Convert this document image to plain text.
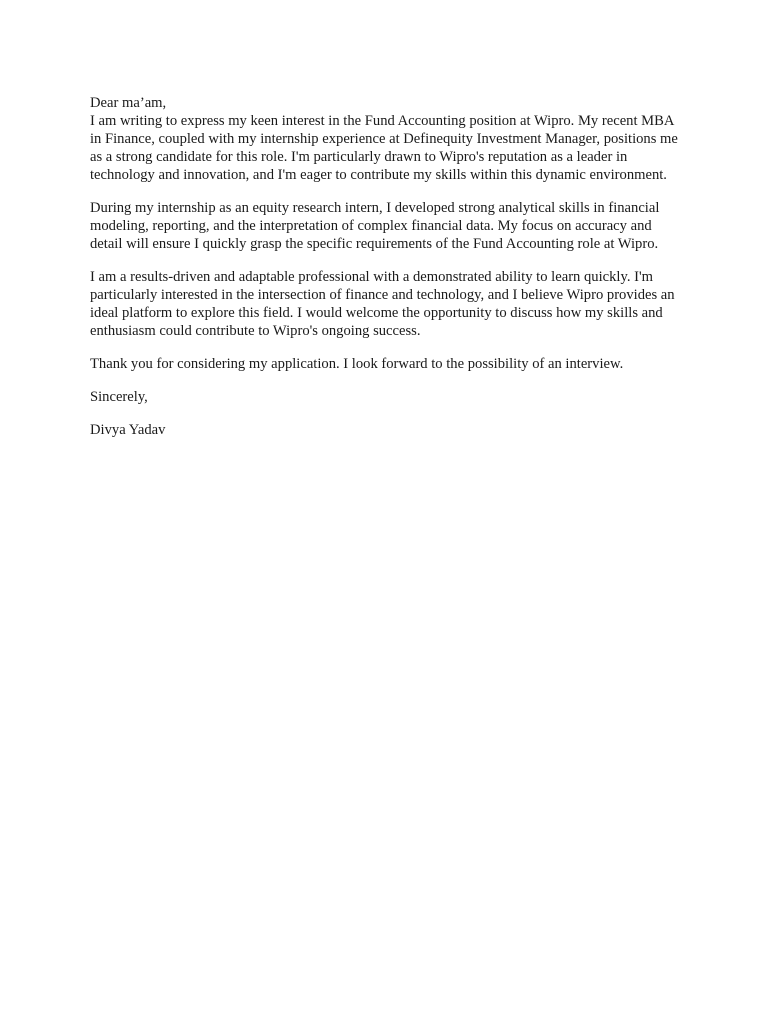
Dear ma’am,

I am writing to express my keen interest in the Fund Accounting position at Wipro. My recent MBA in Finance, coupled with my internship experience at Definequity Investment Manager, positions me as a strong candidate for this role. I'm particularly drawn to Wipro's reputation as a leader in technology and innovation, and I'm eager to contribute my skills within this dynamic environment.

During my internship as an equity research intern, I developed strong analytical skills in financial modeling, reporting, and the interpretation of complex financial data. My focus on accuracy and detail will ensure I quickly grasp the specific requirements of the Fund Accounting role at Wipro.

I am a results-driven and adaptable professional with a demonstrated ability to learn quickly. I'm particularly interested in the intersection of finance and technology, and I believe Wipro provides an ideal platform to explore this field. I would welcome the opportunity to discuss how my skills and enthusiasm could contribute to Wipro's ongoing success.

Thank you for considering my application. I look forward to the possibility of an interview.

Sincerely,

Divya Yadav
